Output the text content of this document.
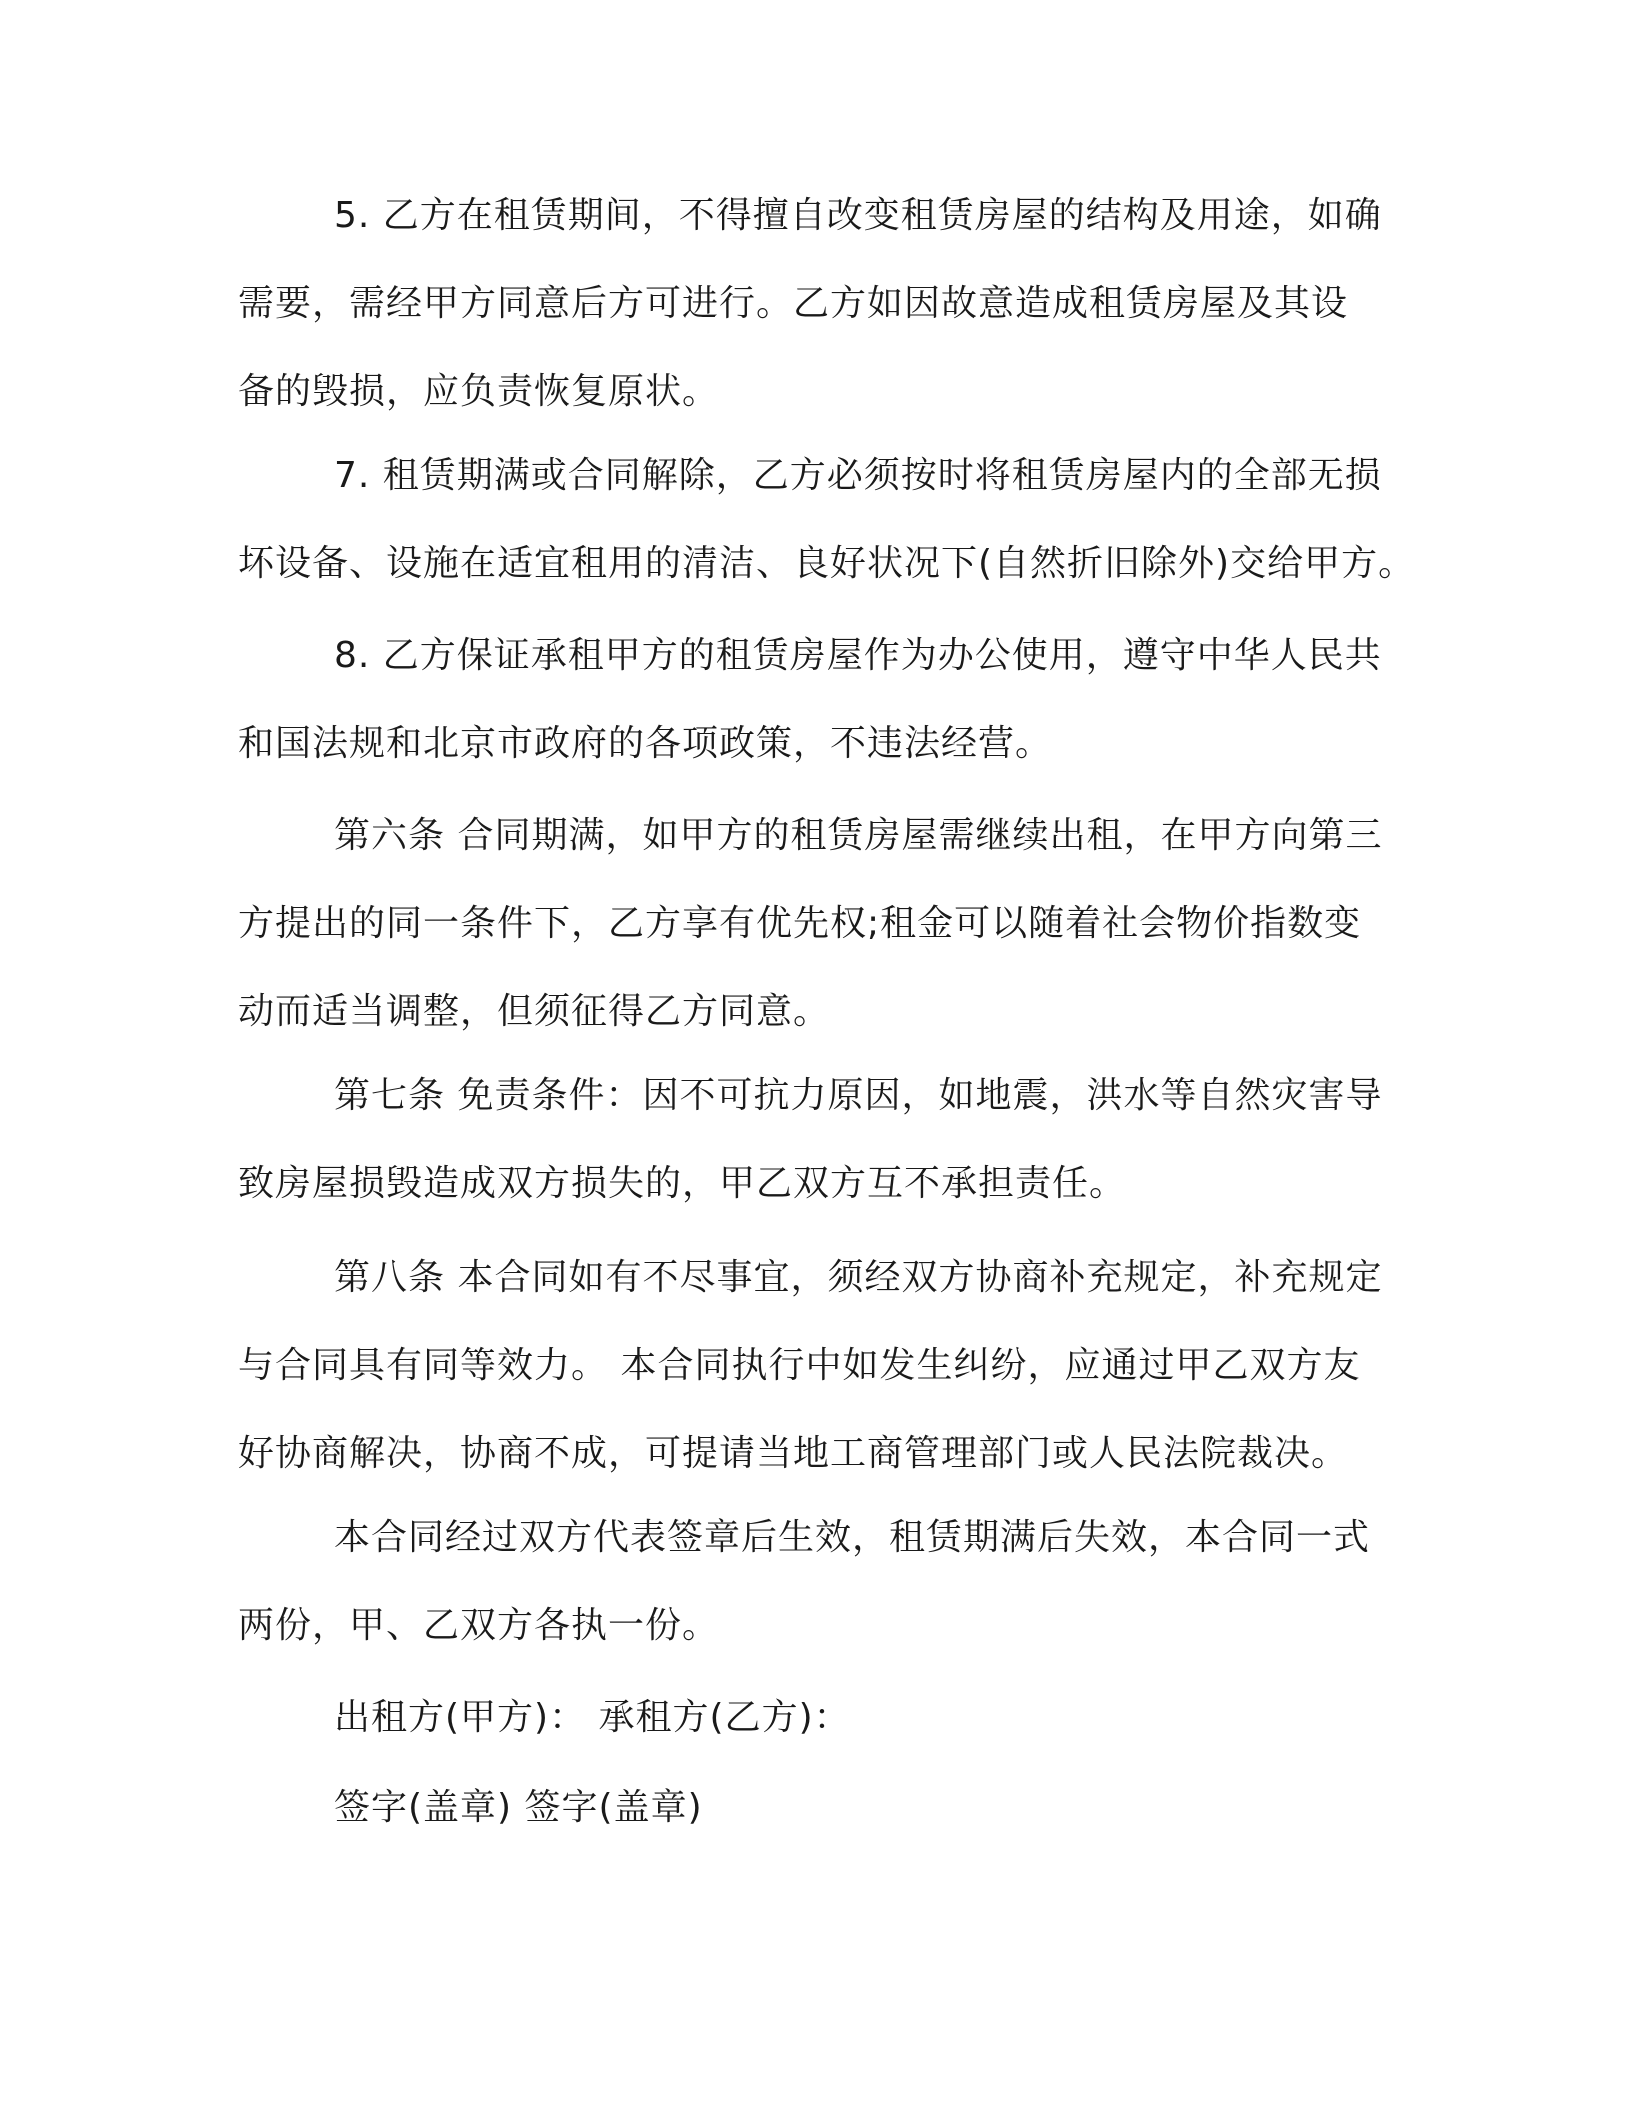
5. 乙方在租赁期间，不得擅自改变租赁房屋的结构及用途，如确
需要，需经甲方同意后方可进行。乙方如因故意造成租赁房屋及其设
备的毁损，应负责恢复原状。
7. 租赁期满或合同解除，乙方必须按时将租赁房屋内的全部无损
坏设备、设施在适宜租用的清洁、良好状况下(自然折旧除外)交给甲方。
8. 乙方保证承租甲方的租赁房屋作为办公使用，遵守中华人民共
和国法规和北京市政府的各项政策，不违法经营。
第六条 合同期满，如甲方的租赁房屋需继续出租，在甲方向第三
方提出的同一条件下，乙方享有优先权;租金可以随着社会物价指数变
动而适当调整，但须征得乙方同意。
第七条 免责条件：因不可抗力原因，如地震，洪水等自然灾害导
致房屋损毁造成双方损失的，甲乙双方互不承担责任。
第八条 本合同如有不尽事宜，须经双方协商补充规定，补充规定
与合同具有同等效力。 本合同执行中如发生纠纷，应通过甲乙双方友
好协商解决，协商不成，可提请当地工商管理部门或人民法院裁决。
本合同经过双方代表签章后生效，租赁期满后失效，本合同一式
两份，甲、乙双方各执一份。
出租方(甲方)： 承租方(乙方)：
签字(盖章) 签字(盖章)
